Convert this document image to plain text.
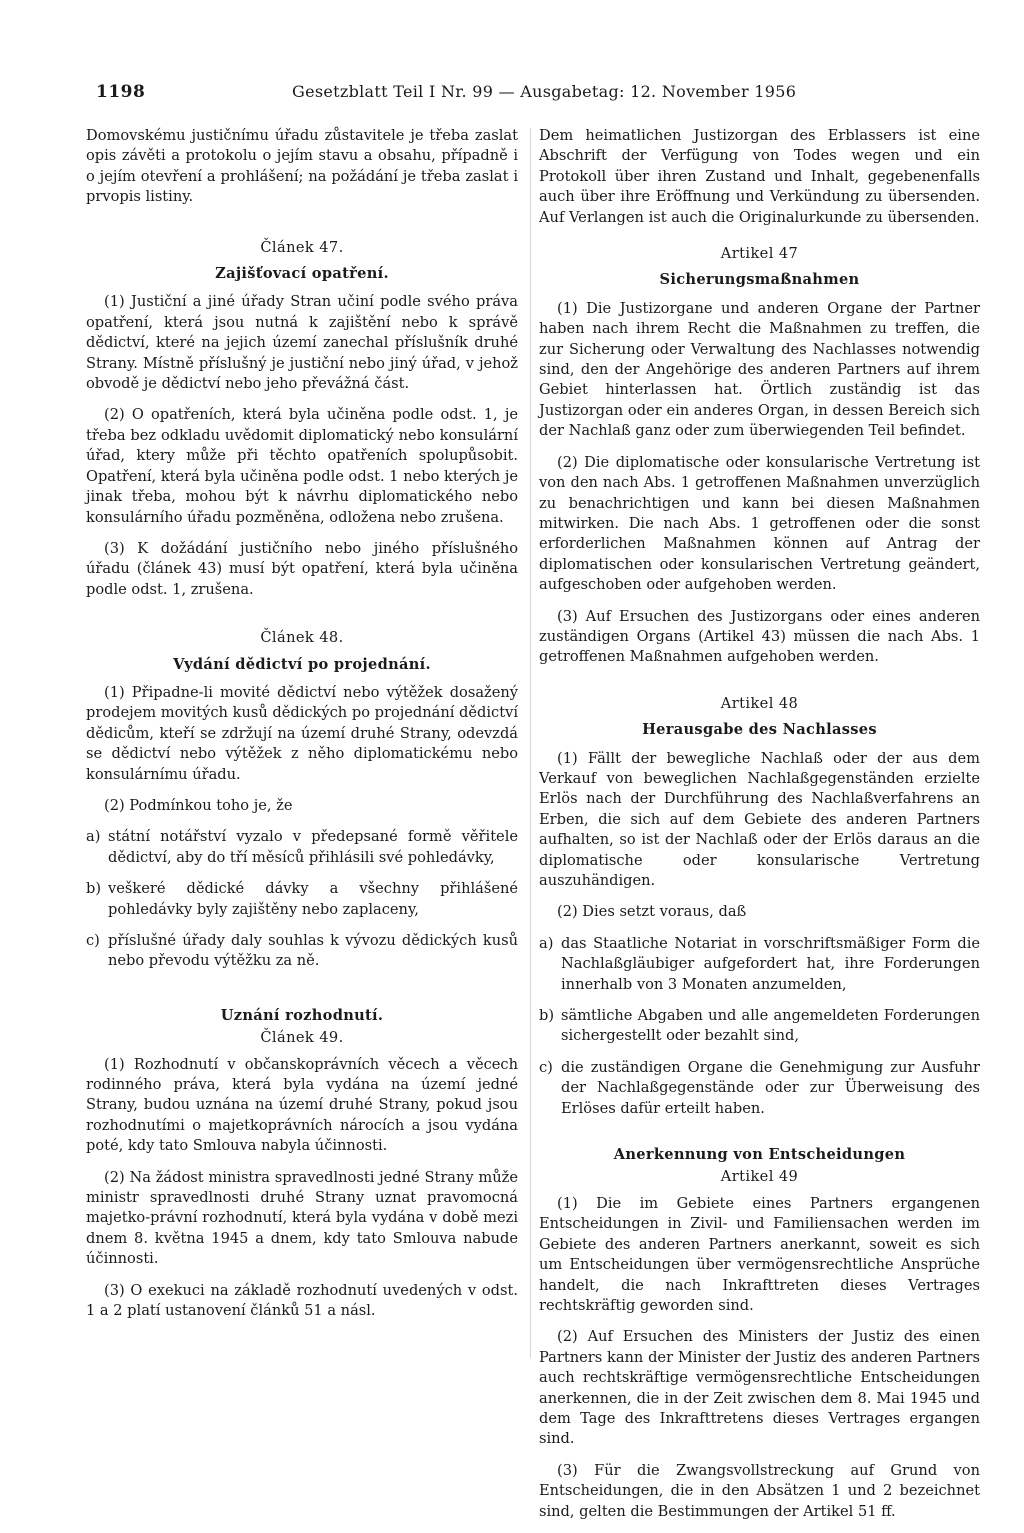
1198	Gesetzblatt Teil I Nr. 99 — Ausgabetag: 12. November 1956

Domovskému justičnímu úřadu zůstavitele je třeba zaslat opis závěti a protokolu o jejím stavu a obsahu, případně i o jejím otevření a prohlášení; na požádání je třeba zaslat i prvopis listiny.

Článek 47.
Zajišťovací opatření.

(1) Justiční a jiné úřady Stran učiní podle svého práva opatření, která jsou nutná k zajištění nebo k správě dědictví, které na jejich území zanechal příslušník druhé Strany. Místně příslušný je justiční nebo jiný úřad, v jehož obvodě je dědictví nebo jeho převážná část.

(2) O opatřeních, která byla učiněna podle odst. 1, je třeba bez odkladu uvědomit diplomatický nebo konsulární úřad, ktery může při těchto opatřeních spolupůsobit. Opatření, která byla učiněna podle odst. 1 nebo kterých je jinak třeba, mohou být k návrhu diplomatického nebo konsulárního úřadu pozměněna, odložena nebo zrušena.

(3) K dožádání justičního nebo jiného příslušného úřadu (článek 43) musí být opatření, která byla učiněna podle odst. 1, zrušena.

Článek 48.
Vydání dědictví po projednání.

(1) Připadne-li movité dědictví nebo výtěžek dosažený prodejem movitých kusů dědických po projednání dědictví dědicům, kteří se zdržují na území druhé Strany, odevzdá se dědictví nebo výtěžek z něho diplomatickému nebo konsulárnímu úřadu.

(2) Podmínkou toho je, že

a) státní notářství vyzalo v předepsané formě věřitele dědictví, aby do tří měsíců přihlásili své pohledávky,
b) veškeré dědické dávky a všechny přihlášené pohledávky byly zajištěny nebo zaplaceny,
c) příslušné úřady daly souhlas k vývozu dědických kusů nebo převodu výtěžku za ně.
Uznání rozhodnutí.
Článek 49.

(1) Rozhodnutí v občanskoprávních věcech a věcech rodinného práva, která byla vydána na území jedné Strany, budou uznána na území druhé Strany, pokud jsou rozhodnutími o majetkoprávních nárocích a jsou vydána poté, kdy tato Smlouva nabyla účinnosti.

(2) Na žádost ministra spravedlnosti jedné Strany může ministr spravedlnosti druhé Strany uznat pravomocná majetko-právní rozhodnutí, která byla vydána v době mezi dnem 8. května 1945 a dnem, kdy tato Smlouva nabude účinnosti.

(3) O exekuci na základě rozhodnutí uvedených v odst. 1 a 2 platí ustanovení článků 51 a násl.

Dem heimatlichen Justizorgan des Erblassers ist eine Abschrift der Verfügung von Todes wegen und ein Protokoll über ihren Zustand und Inhalt, gegebenenfalls auch über ihre Eröffnung und Verkündung zu übersenden. Auf Verlangen ist auch die Originalurkunde zu übersenden.

Artikel 47
Sicherungsmaßnahmen

(1) Die Justizorgane und anderen Organe der Partner haben nach ihrem Recht die Maßnahmen zu treffen, die zur Sicherung oder Verwaltung des Nachlasses notwendig sind, den der Angehörige des anderen Partners auf ihrem Gebiet hinterlassen hat. Örtlich zuständig ist das Justizorgan oder ein anderes Organ, in dessen Bereich sich der Nachlaß ganz oder zum überwiegenden Teil befindet.

(2) Die diplomatische oder konsularische Vertretung ist von den nach Abs. 1 getroffenen Maßnahmen unverzüglich zu benachrichtigen und kann bei diesen Maßnahmen mitwirken. Die nach Abs. 1 getroffenen oder die sonst erforderlichen Maßnahmen können auf Antrag der diplomatischen oder konsularischen Vertretung geändert, aufgeschoben oder aufgehoben werden.

(3) Auf Ersuchen des Justizorgans oder eines anderen zuständigen Organs (Artikel 43) müssen die nach Abs. 1 getroffenen Maßnahmen aufgehoben werden.

Artikel 48
Herausgabe des Nachlasses

(1) Fällt der bewegliche Nachlaß oder der aus dem Verkauf von beweglichen Nachlaßgegenständen erzielte Erlös nach der Durchführung des Nachlaßverfahrens an Erben, die sich auf dem Gebiete des anderen Partners aufhalten, so ist der Nachlaß oder der Erlös daraus an die diplomatische oder konsularische Vertretung auszuhändigen.

(2) Dies setzt voraus, daß

a) das Staatliche Notariat in vorschriftsmäßiger Form die Nachlaßgläubiger aufgefordert hat, ihre Forderungen innerhalb von 3 Monaten anzumelden,
b) sämtliche Abgaben und alle angemeldeten Forderungen sichergestellt oder bezahlt sind,
c) die zuständigen Organe die Genehmigung zur Ausfuhr der Nachlaßgegenstände oder zur Überweisung des Erlöses dafür erteilt haben.
Anerkennung von Entscheidungen
Artikel 49

(1) Die im Gebiete eines Partners ergangenen Entscheidungen in Zivil- und Familiensachen werden im Gebiete des anderen Partners anerkannt, soweit es sich um Entscheidungen über vermögensrechtliche Ansprüche handelt, die nach Inkrafttreten dieses Vertrages rechtskräftig geworden sind.

(2) Auf Ersuchen des Ministers der Justiz des einen Partners kann der Minister der Justiz des anderen Partners auch rechtskräftige vermögensrechtliche Entscheidungen anerkennen, die in der Zeit zwischen dem 8. Mai 1945 und dem Tage des Inkrafttretens dieses Vertrages ergangen sind.

(3) Für die Zwangsvollstreckung auf Grund von Entscheidungen, die in den Absätzen 1 und 2 bezeichnet sind, gelten die Bestimmungen der Artikel 51 ff.
